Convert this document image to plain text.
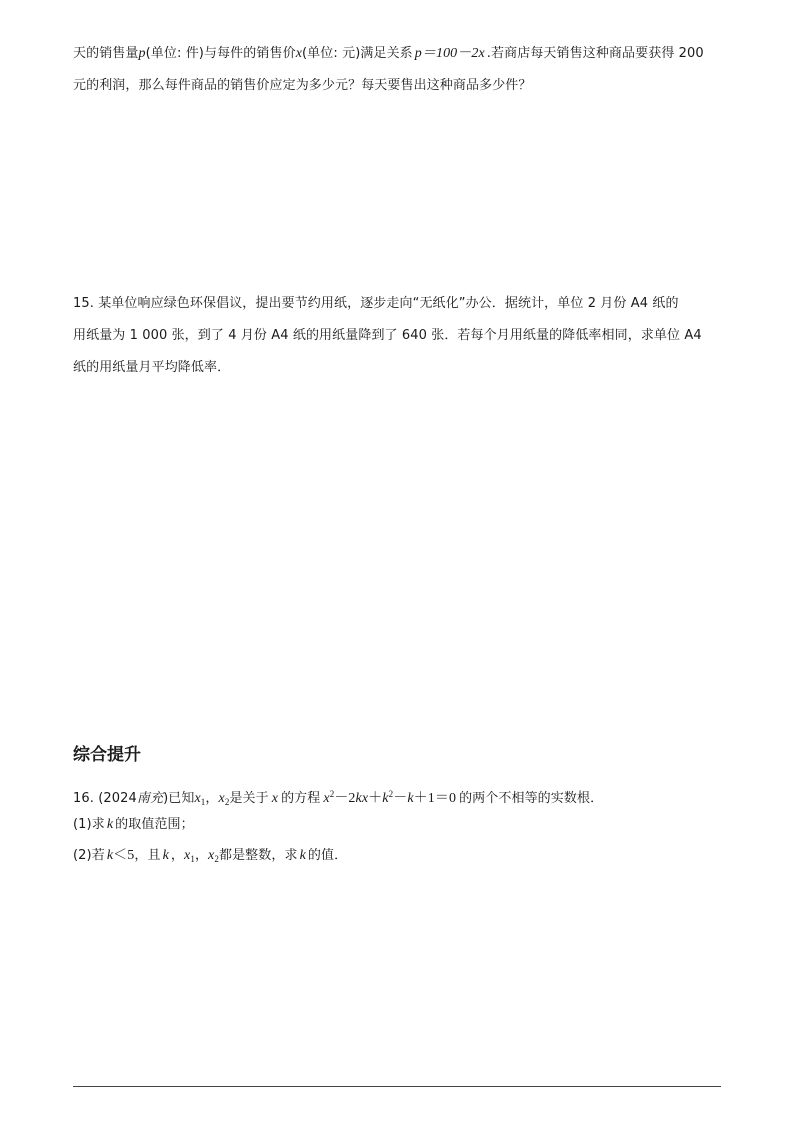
天的销售量p(单位: 件)与每件的销售价x(单位: 元)满足关系 p＝100－2x .若商店每天销售这种商品要获得 200
元的利润，那么每件商品的销售价应定为多少元？每天要售出这种商品多少件？
15. 某单位响应绿色环保倡议，提出要节约用纸，逐步走向“无纸化”办公．据统计，单位 2 月份 A4 纸的
用纸量为 1 000 张，到了 4 月份 A4 纸的用纸量降到了 640 张．若每个月用纸量的降低率相同，求单位 A4
纸的用纸量月平均降低率．
综合提升
16. (2024南充)已知$x_1$，$x_2$是关于 x 的方程 $x^2-2kx+k^2-k+1=0$ 的两个不相等的实数根．
(1)求 k 的取值范围；
(2)若 k＜5，且 k ，$x_1$，$x_2$都是整数，求 k 的值．
